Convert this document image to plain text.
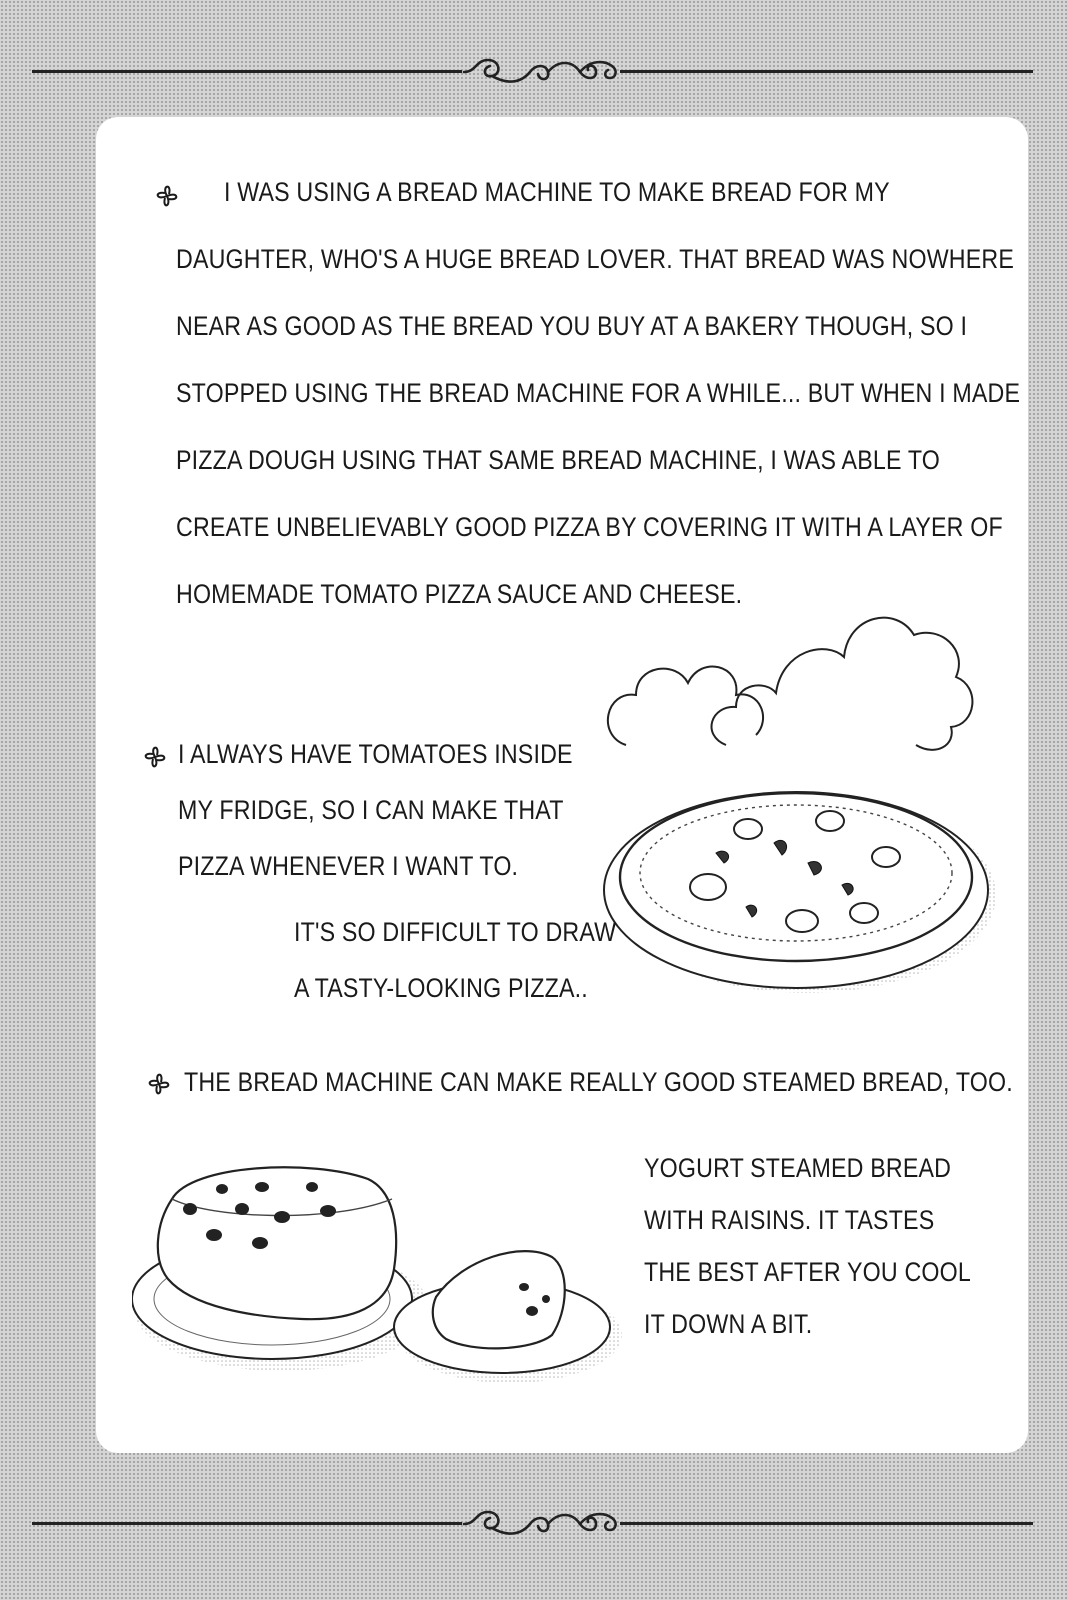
I WAS USING A BREAD MACHINE TO MAKE BREAD FOR MY
DAUGHTER, WHO'S A HUGE BREAD LOVER. THAT BREAD WAS NOWHERE
NEAR AS GOOD AS THE BREAD YOU BUY AT A BAKERY THOUGH, SO I
STOPPED USING THE BREAD MACHINE FOR A WHILE... BUT WHEN I MADE
PIZZA DOUGH USING THAT SAME BREAD MACHINE, I WAS ABLE TO
CREATE UNBELIEVABLY GOOD PIZZA BY COVERING IT WITH A LAYER OF
HOMEMADE TOMATO PIZZA SAUCE AND CHEESE.
I ALWAYS HAVE TOMATOES INSIDE
MY FRIDGE, SO I CAN MAKE THAT
PIZZA WHENEVER I WANT TO.
IT'S SO DIFFICULT TO DRAW
A TASTY-LOOKING PIZZA..
THE BREAD MACHINE CAN MAKE REALLY GOOD STEAMED BREAD, TOO.
YOGURT STEAMED BREAD
WITH RAISINS. IT TASTES
THE BEST AFTER YOU COOL
IT DOWN A BIT.
